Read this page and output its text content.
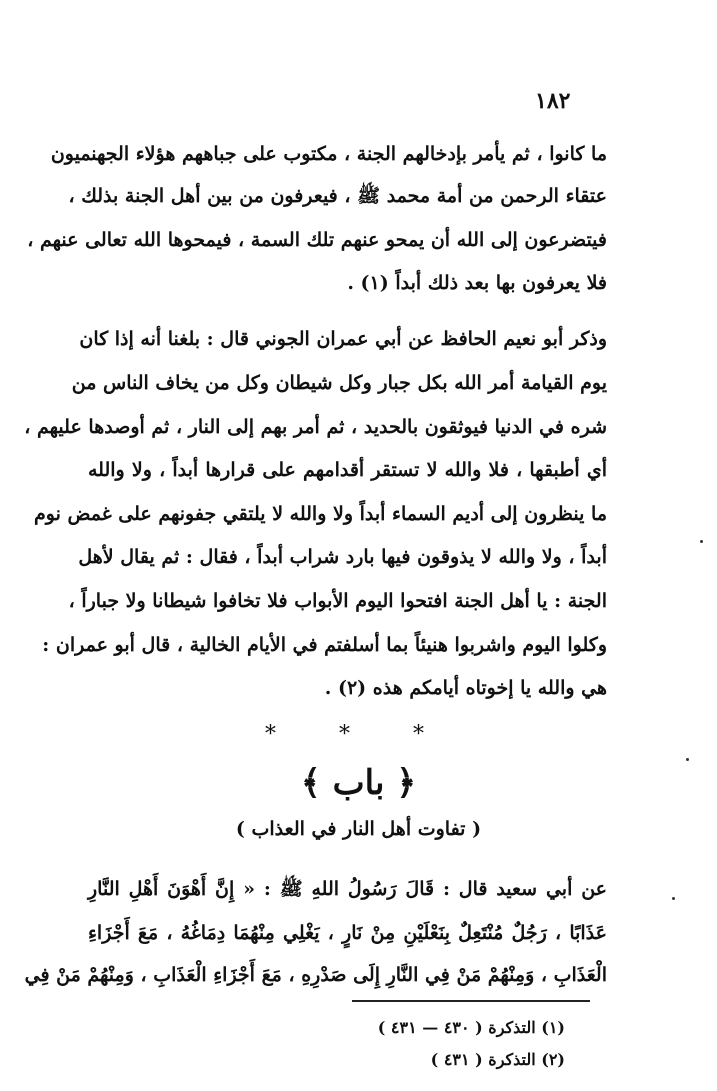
١٨٢
ما كانوا ، ثم يأمر بإدخالهم الجنة ، مكتوب على جباههم هؤلاء الجهنميون
عتقاء الرحمن من أمة محمد ﷺ ، فيعرفون من بين أهل الجنة بذلك ،
فيتضرعون إلى الله أن يمحو عنهم تلك السمة ، فيمحوها الله تعالى عنهم ،
فلا يعرفون بها بعد ذلك أبداً (١) .
وذكر أبو نعيم الحافظ عن أبي عمران الجوني قال : بلغنا أنه إذا كان
يوم القيامة أمر الله بكل جبار وكل شيطان وكل من يخاف الناس من
شره في الدنيا فيوثقون بالحديد ، ثم أمر بهم إلى النار ، ثم أوصدها عليهم ،
أي أطبقها ، فلا والله لا تستقر أقدامهم على قرارها أبداً ، ولا والله
ما ينظرون إلى أديم السماء أبداً ولا والله لا يلتقي جفونهم على غمض نوم
أبداً ، ولا والله لا يذوقون فيها بارد شراب أبداً ، فقال : ثم يقال لأهل
الجنة : يا أهل الجنة افتحوا اليوم الأبواب فلا تخافوا شيطانا ولا جباراً ،
وكلوا اليوم واشربوا هنيئاً بما أسلفتم في الأيام الخالية ، قال أبو عمران :
هي والله يا إخوتاه أيامكم هذه (٢) .
* * *
﴿ باب ﴾
( تفاوت أهل النار في العذاب )
عن أبي سعيد قال : قَالَ رَسُولُ اللهِ ﷺ : « إِنَّ أَهْوَنَ أَهْلِ النَّارِ
عَذَابًا ، رَجُلٌ مُنْتَعِلٌ بِنَعْلَيْنِ مِنْ نَارٍ ، يَغْلِي مِنْهُمَا دِمَاغُهُ ، مَعَ أَجْزَاءِ
الْعَذَابِ ، وَمِنْهُمْ مَنْ فِي النَّارِ إِلَى صَدْرِهِ ، مَعَ أَجْزَاءِ الْعَذَابِ ، وَمِنْهُمْ مَنْ فِي
(١) التذكرة ( ٤٣٠ — ٤٣١ )
(٢) التذكرة ( ٤٣١ )
